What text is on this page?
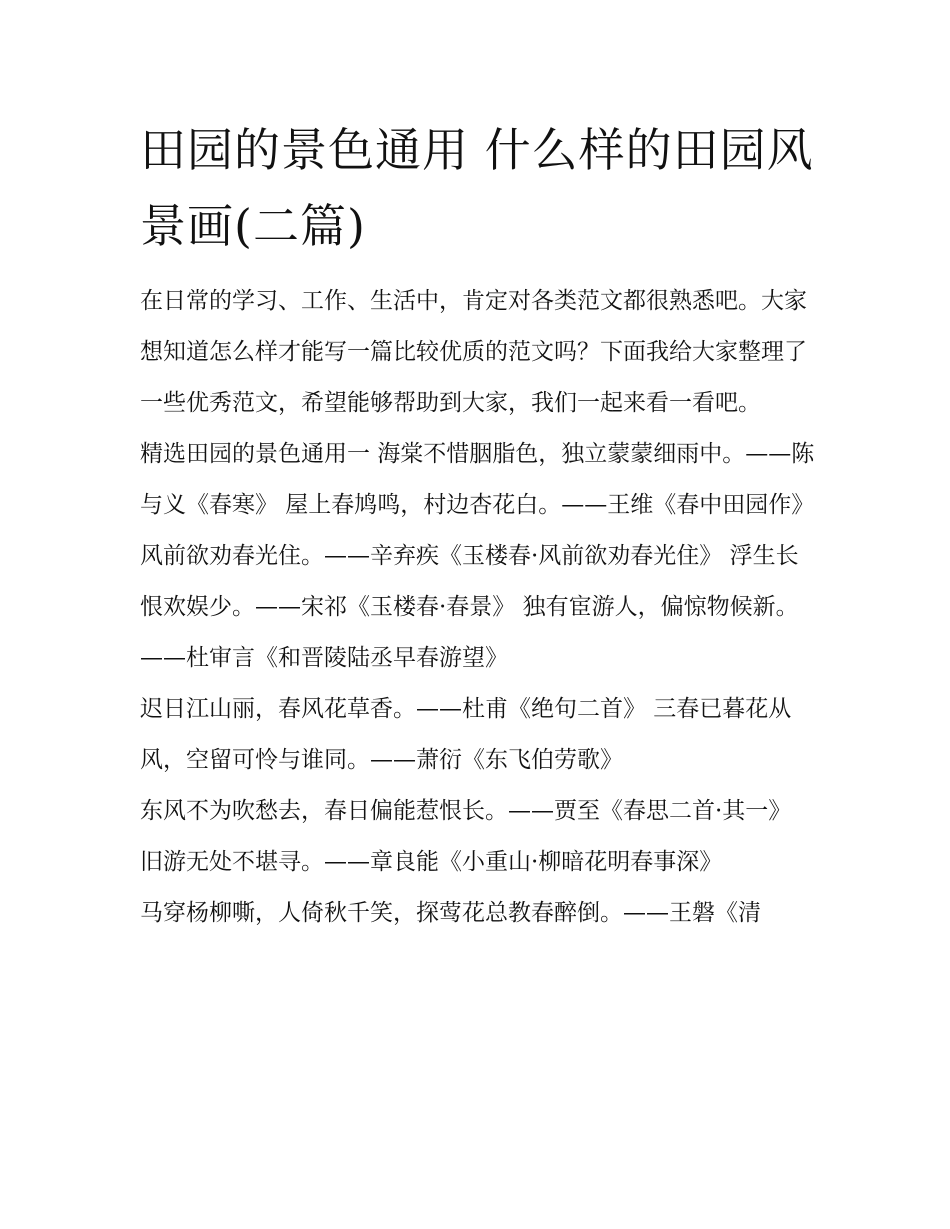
田园的景色通用 什么样的田园风景画(二篇)

在日常的学习、工作、生活中，肯定对各类范文都很熟悉吧。大家想知道怎么样才能写一篇比较优质的范文吗？下面我给大家整理了一些优秀范文，希望能够帮助到大家，我们一起来看一看吧。

精选田园的景色通用一 海棠不惜胭脂色，独立蒙蒙细雨中。——陈与义《春寒》 屋上春鸠鸣，村边杏花白。——王维《春中田园作》

风前欲劝春光住。——辛弃疾《玉楼春·风前欲劝春光住》 浮生长恨欢娱少。——宋祁《玉楼春·春景》 独有宦游人，偏惊物候新。——杜审言《和晋陵陆丞早春游望》

迟日江山丽，春风花草香。——杜甫《绝句二首》 三春已暮花从风，空留可怜与谁同。——萧衍《东飞伯劳歌》

东风不为吹愁去，春日偏能惹恨长。——贾至《春思二首·其一》 旧游无处不堪寻。——章良能《小重山·柳暗花明春事深》

马穿杨柳嘶，人倚秋千笑，探莺花总教春醉倒。——王磐《清
